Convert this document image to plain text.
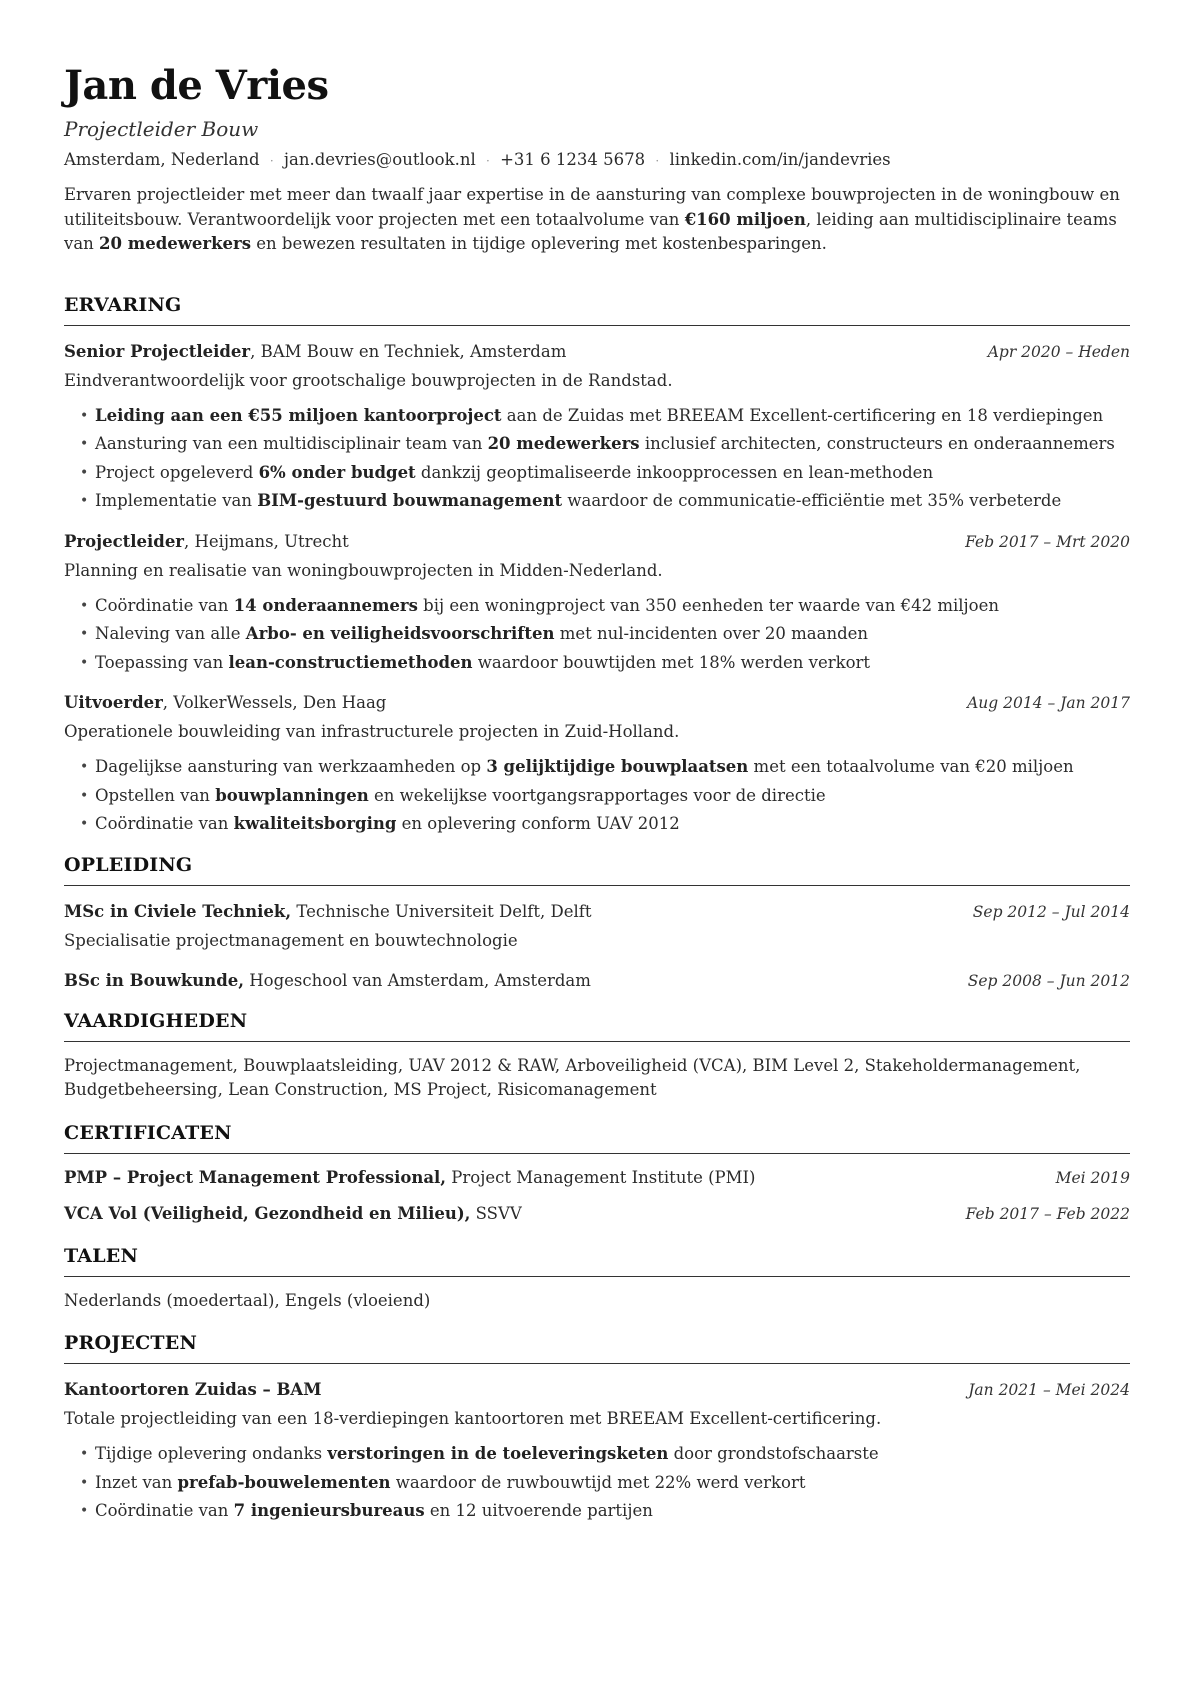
Jan de Vries
Projectleider Bouw
Amsterdam, Nederland · jan.devries@outlook.nl · +31 6 1234 5678 · linkedin.com/in/jandevries

Ervaren projectleider met meer dan twaalf jaar expertise in de aansturing van complexe bouwprojecten in de woningbouw en utiliteitsbouw. Verantwoordelijk voor projecten met een totaalvolume van €160 miljoen, leiding aan multidisciplinaire teams van 20 medewerkers en bewezen resultaten in tijdige oplevering met kostenbesparingen.

ERVARING
Senior Projectleider, BAM Bouw en Techniek, Amsterdam	Apr 2020 – Heden
Eindverantwoordelijk voor grootschalige bouwprojecten in de Randstad.
• Leiding aan een €55 miljoen kantoorproject aan de Zuidas met BREEAM Excellent-certificering en 18 verdiepingen
• Aansturing van een multidisciplinair team van 20 medewerkers inclusief architecten, constructeurs en onderaannemers
• Project opgeleverd 6% onder budget dankzij geoptimaliseerde inkoopprocessen en lean-methoden
• Implementatie van BIM-gestuurd bouwmanagement waardoor de communicatie-efficiëntie met 35% verbeterde
Projectleider, Heijmans, Utrecht	Feb 2017 – Mrt 2020
Planning en realisatie van woningbouwprojecten in Midden-Nederland.
• Coördinatie van 14 onderaannemers bij een woningproject van 350 eenheden ter waarde van €42 miljoen
• Naleving van alle Arbo- en veiligheidsvoorschriften met nul-incidenten over 20 maanden
• Toepassing van lean-constructiemethoden waardoor bouwtijden met 18% werden verkort
Uitvoerder, VolkerWessels, Den Haag	Aug 2014 – Jan 2017
Operationele bouwleiding van infrastructurele projecten in Zuid-Holland.
• Dagelijkse aansturing van werkzaamheden op 3 gelijktijdige bouwplaatsen met een totaalvolume van €20 miljoen
• Opstellen van bouwplanningen en wekelijkse voortgangsrapportages voor de directie
• Coördinatie van kwaliteitsborging en oplevering conform UAV 2012
OPLEIDING
MSc in Civiele Techniek, Technische Universiteit Delft, Delft	Sep 2012 – Jul 2014
Specialisatie projectmanagement en bouwtechnologie
BSc in Bouwkunde, Hogeschool van Amsterdam, Amsterdam	Sep 2008 – Jun 2012
VAARDIGHEDEN

Projectmanagement, Bouwplaatsleiding, UAV 2012 & RAW, Arboveiligheid (VCA), BIM Level 2, Stakeholdermanagement, Budgetbeheersing, Lean Construction, MS Project, Risicomanagement

CERTIFICATEN
PMP – Project Management Professional, Project Management Institute (PMI)	Mei 2019
VCA Vol (Veiligheid, Gezondheid en Milieu), SSVV	Feb 2017 – Feb 2022
TALEN

Nederlands (moedertaal), Engels (vloeiend)

PROJECTEN
Kantoortoren Zuidas – BAM	Jan 2021 – Mei 2024
Totale projectleiding van een 18-verdiepingen kantoortoren met BREEAM Excellent-certificering.
• Tijdige oplevering ondanks verstoringen in de toeleveringsketen door grondstofschaarste
• Inzet van prefab-bouwelementen waardoor de ruwbouwtijd met 22% werd verkort
• Coördinatie van 7 ingenieursbureaus en 12 uitvoerende partijen
